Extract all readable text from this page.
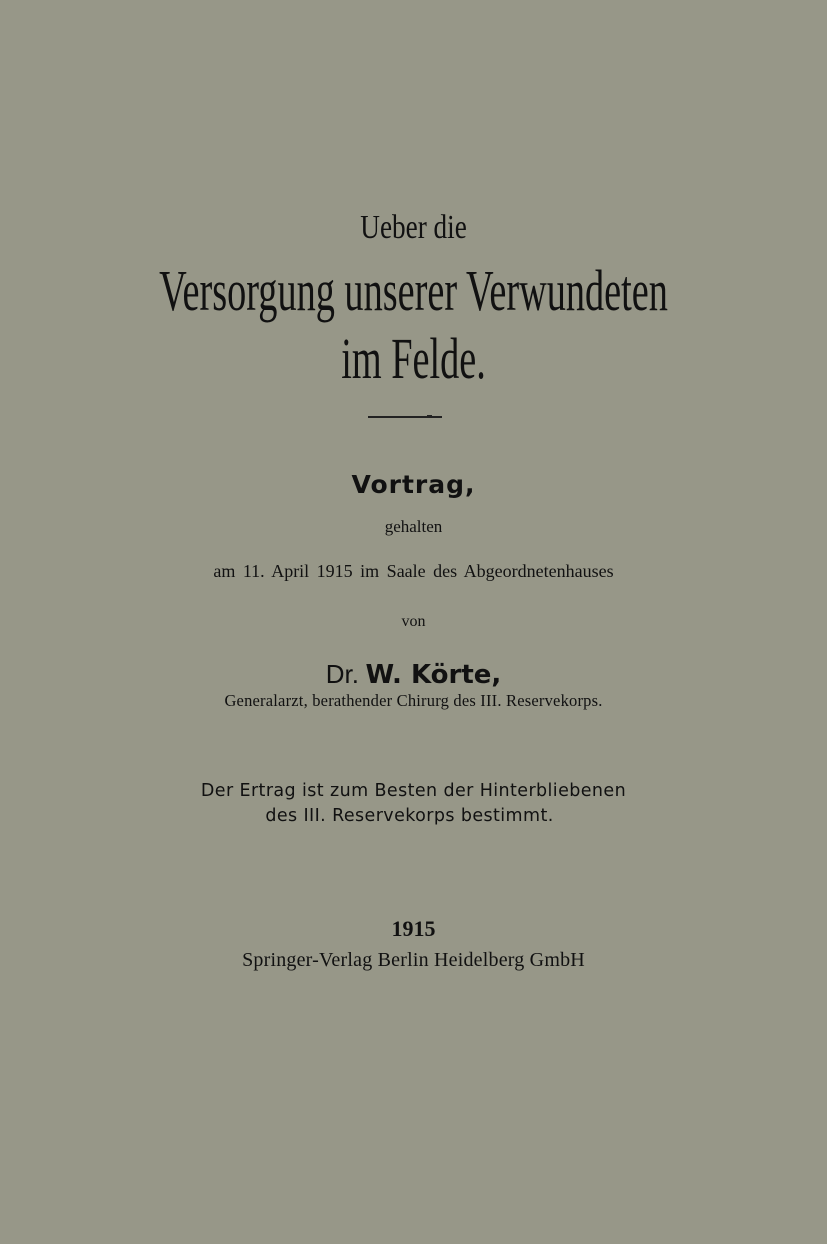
Ueber die
Versorgung unserer Verwundeten
im Felde.
Vortrag,
gehalten
am 11. April 1915 im Saale des Abgeordnetenhauses
von
Dr. W. Körte,
Generalarzt, berathender Chirurg des III. Reservekorps.
Der Ertrag ist zum Besten der Hinterbliebenen
des III. Reservekorps bestimmt.
1915
Springer-Verlag Berlin Heidelberg GmbH
